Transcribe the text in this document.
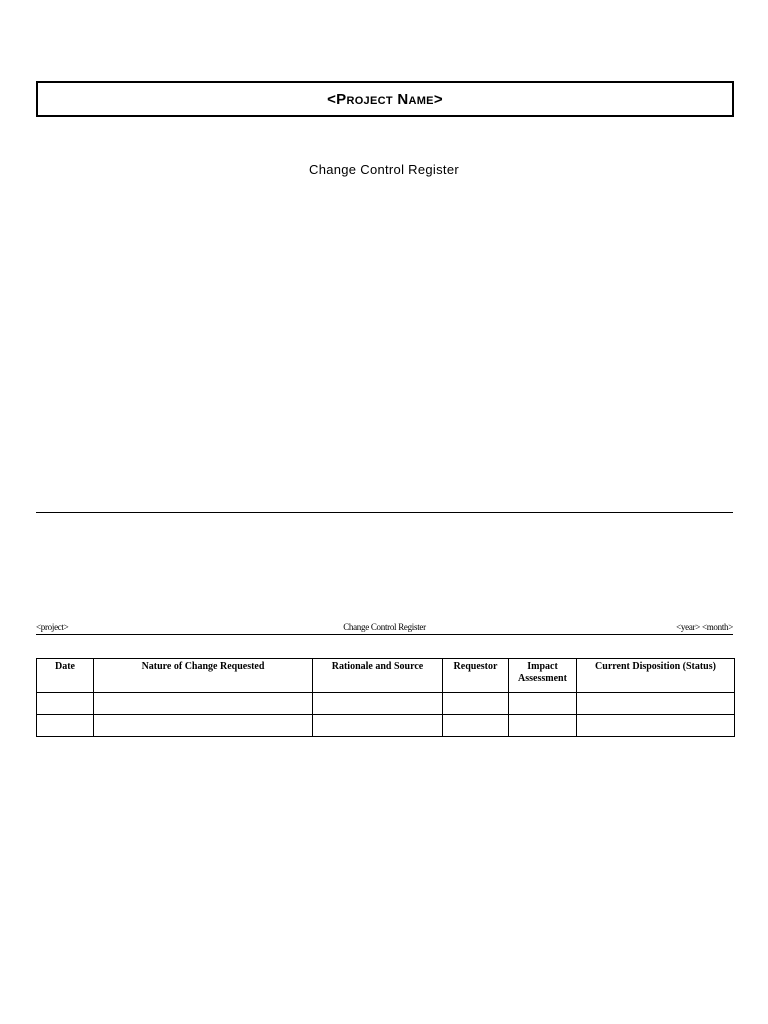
<Project Name>
Change Control Register
<project>	Change Control Register	<year> <month>
Date	Nature of Change Requested	Rationale and Source	Requestor	Impact Assessment	Current Disposition (Status)
